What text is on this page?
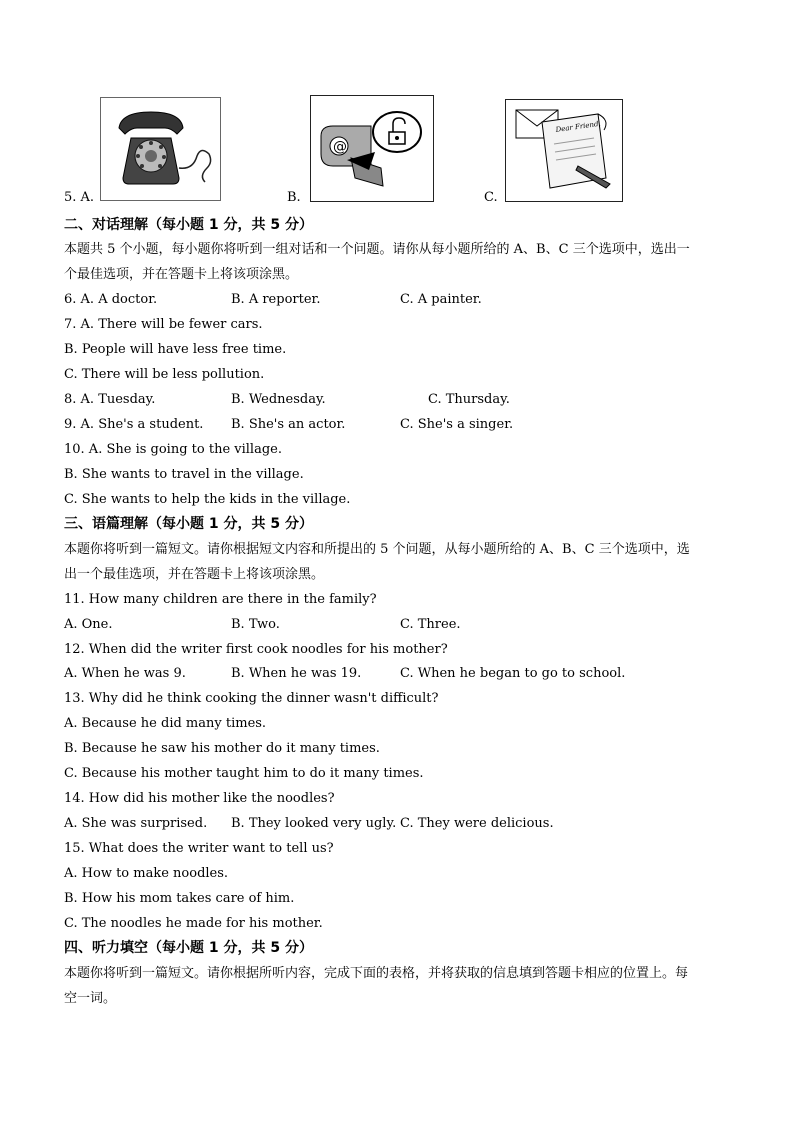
5. A.	B.
@
C.
Dear Friend,
二、对话理解（每小题 1 分，共 5 分）
本题共 5 个小题，每小题你将听到一组对话和一个问题。请你从每小题所给的 A、B、C 三个选项中，选出一
个最佳选项，并在答题卡上将该项涂黑。
6. A. A doctor.	B. A reporter.	C. A painter.
7. A. There will be fewer cars.
B. People will have less free time.
C. There will be less pollution.
8. A. Tuesday.	B. Wednesday.	C. Thursday.
9. A. She's a student. B. She's an actor.	C. She's a singer.
10. A. She is going to the village.
B. She wants to travel in the village.
C. She wants to help the kids in the village.
三、语篇理解（每小题 1 分，共 5 分）
本题你将听到一篇短文。请你根据短文内容和所提出的 5 个问题，从每小题所给的 A、B、C 三个选项中，选
出一个最佳选项，并在答题卡上将该项涂黑。
11. How many children are there in the family?
A. One.	B. Two.	C. Three.
12. When did the writer first cook noodles for his mother?
A. When he was 9.	B. When he was 19.	C. When he began to go to school.
13. Why did he think cooking the dinner wasn't difficult?
A. Because he did many times.
B. Because he saw his mother do it many times.
C. Because his mother taught him to do it many times.
14. How did his mother like the noodles?
A. She was surprised. B. They looked very ugly. C. They were delicious.
15. What does the writer want to tell us?
A. How to make noodles.
B. How his mom takes care of him.
C. The noodles he made for his mother.
四、听力填空（每小题 1 分，共 5 分）
本题你将听到一篇短文。请你根据所听内容，完成下面的表格，并将获取的信息填到答题卡相应的位置上。每
空一词。
